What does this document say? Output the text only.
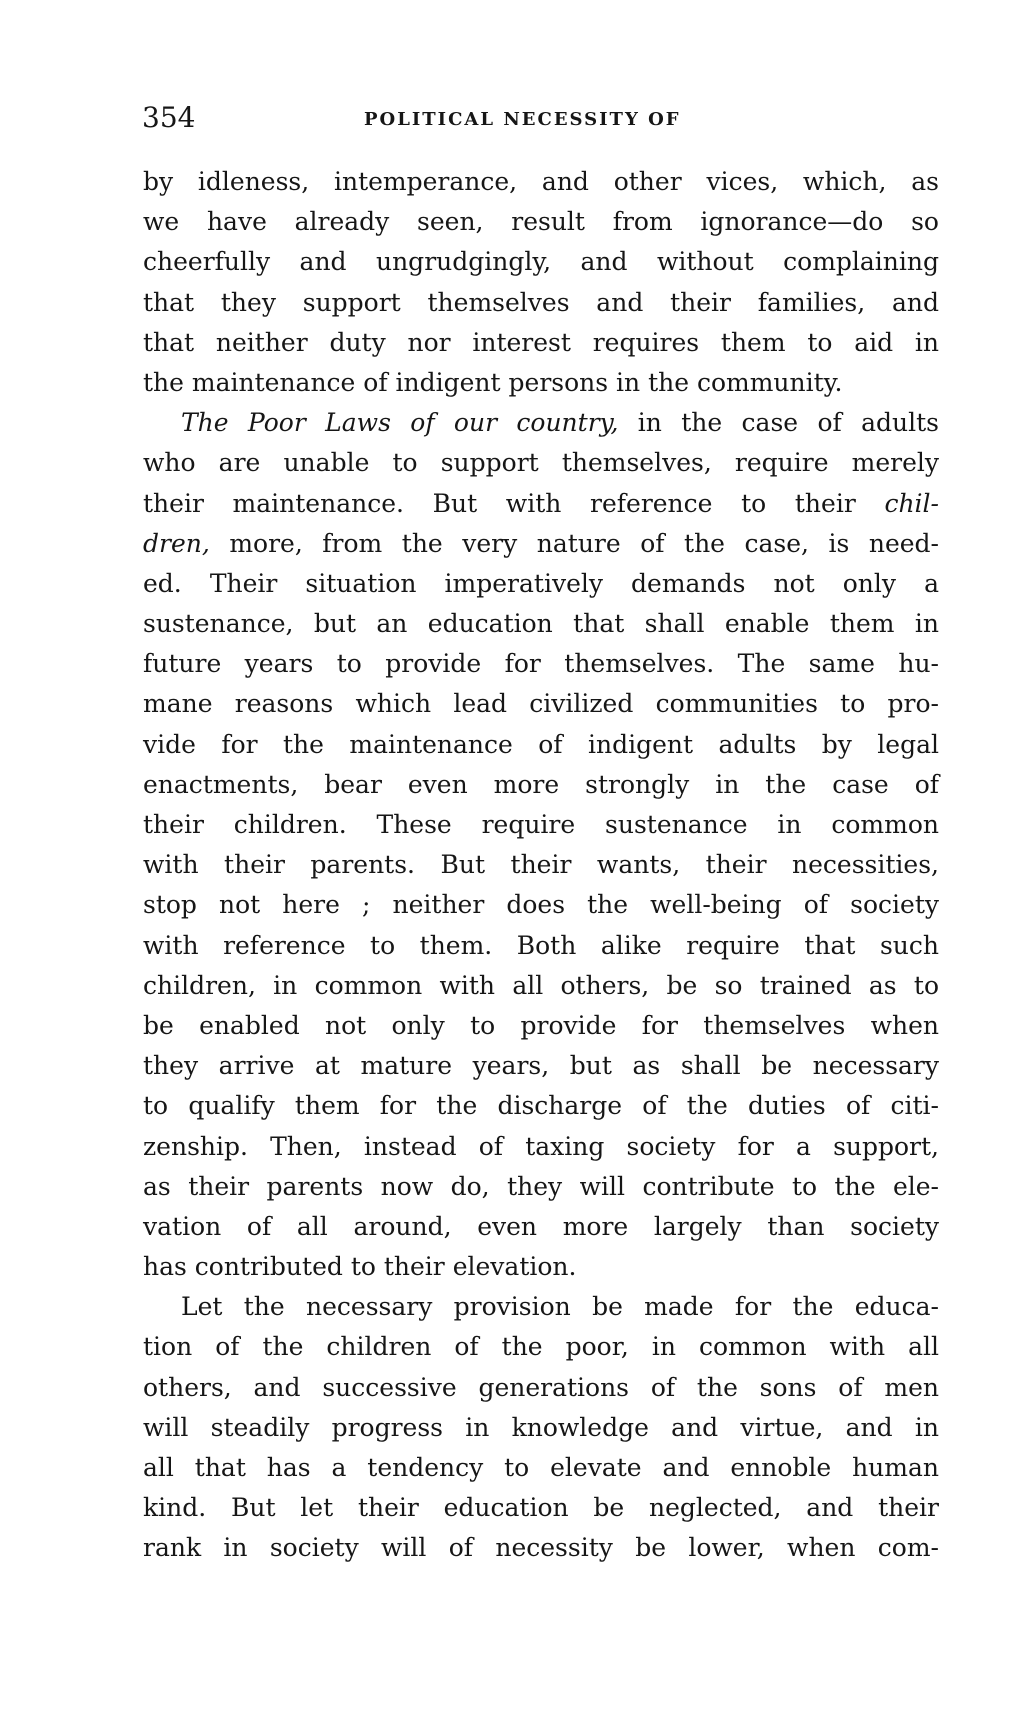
354	POLITICAL NECESSITY OF
by idleness, intemperance, and other vices, which, as
we have already seen, result from ignorance—do so
cheerfully and ungrudgingly, and without complaining
that they support themselves and their families, and
that neither duty nor interest requires them to aid in
the maintenance of indigent persons in the community.
The Poor Laws of our country, in the case of adults
who are unable to support themselves, require merely
their maintenance. But with reference to their chil-
dren, more, from the very nature of the case, is need-
ed. Their situation imperatively demands not only a
sustenance, but an education that shall enable them in
future years to provide for themselves. The same hu-
mane reasons which lead civilized communities to pro-
vide for the maintenance of indigent adults by legal
enactments, bear even more strongly in the case of
their children. These require sustenance in common
with their parents. But their wants, their necessities,
stop not here ; neither does the well-being of society
with reference to them. Both alike require that such
children, in common with all others, be so trained as to
be enabled not only to provide for themselves when
they arrive at mature years, but as shall be necessary
to qualify them for the discharge of the duties of citi-
zenship. Then, instead of taxing society for a support,
as their parents now do, they will contribute to the ele-
vation of all around, even more largely than society
has contributed to their elevation.
Let the necessary provision be made for the educa-
tion of the children of the poor, in common with all
others, and successive generations of the sons of men
will steadily progress in knowledge and virtue, and in
all that has a tendency to elevate and ennoble human
kind. But let their education be neglected, and their
rank in society will of necessity be lower, when com-
